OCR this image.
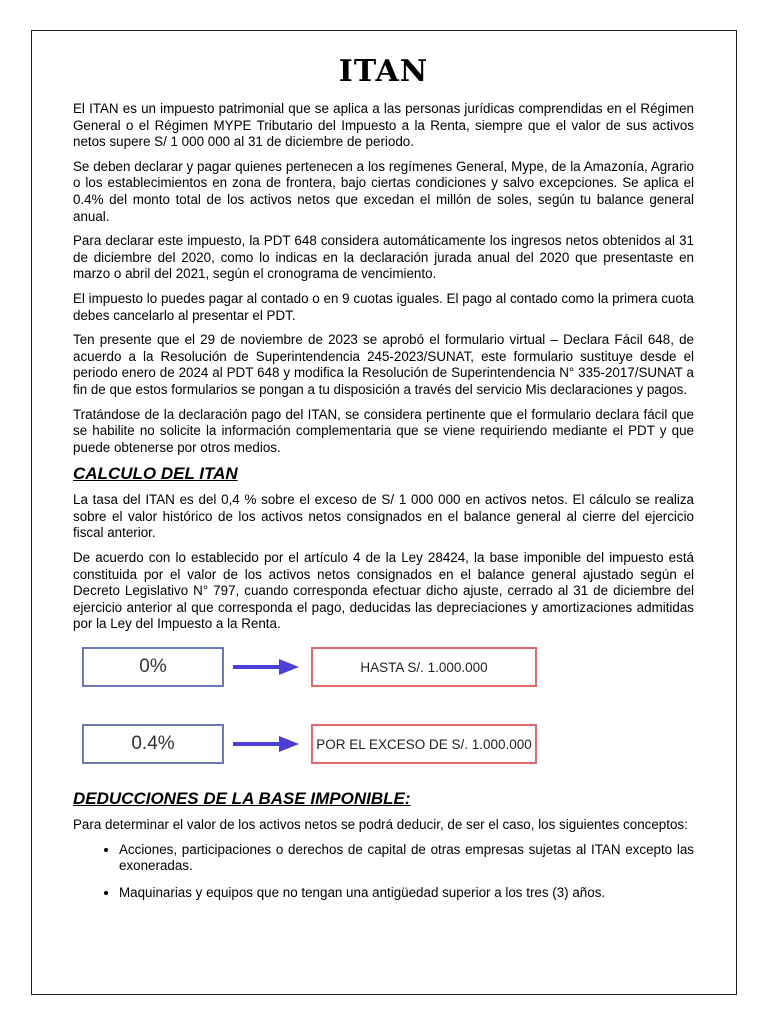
ITAN

El ITAN es un impuesto patrimonial que se aplica a las personas jurídicas comprendidas en el Régimen General o el Régimen MYPE Tributario del Impuesto a la Renta, siempre que el valor de sus activos netos supere S/ 1 000 000 al 31 de diciembre de periodo.

Se deben declarar y pagar quienes pertenecen a los regímenes General, Mype, de la Amazonía, Agrario o los establecimientos en zona de frontera, bajo ciertas condiciones y salvo excepciones. Se aplica el 0.4% del monto total de los activos netos que excedan el millón de soles, según tu balance general anual.

Para declarar este impuesto, la PDT 648 considera automáticamente los ingresos netos obtenidos al 31 de diciembre del 2020, como lo indicas en la declaración jurada anual del 2020 que presentaste en marzo o abril del 2021, según el cronograma de vencimiento.

El impuesto lo puedes pagar al contado o en 9 cuotas iguales. El pago al contado como la primera cuota debes cancelarlo al presentar el PDT.

Ten presente que el 29 de noviembre de 2023 se aprobó el formulario virtual – Declara Fácil 648, de acuerdo a la Resolución de Superintendencia 245-2023/SUNAT, este formulario sustituye desde el periodo enero de 2024 al PDT 648 y modifica la Resolución de Superintendencia N° 335-2017/SUNAT a fin de que estos formularios se pongan a tu disposición a través del servicio Mis declaraciones y pagos.

Tratándose de la declaración pago del ITAN, se considera pertinente que el formulario declara fácil que se habilite no solicite la información complementaria que se viene requiriendo mediante el PDT y que puede obtenerse por otros medios.

CALCULO DEL ITAN

La tasa del ITAN es del 0,4 % sobre el exceso de S/ 1 000 000 en activos netos. El cálculo se realiza sobre el valor histórico de los activos netos consignados en el balance general al cierre del ejercicio fiscal anterior.

De acuerdo con lo establecido por el artículo 4 de la Ley 28424, la base imponible del impuesto está constituida por el valor de los activos netos consignados en el balance general ajustado según el Decreto Legislativo N° 797, cuando corresponda efectuar dicho ajuste, cerrado al 31 de diciembre del ejercicio anterior al que corresponda el pago, deducidas las depreciaciones y amortizaciones admitidas por la Ley del Impuesto a la Renta.

0%	HASTA S/. 1.000.000
0.4%	POR EL EXCESO DE S/. 1.000.000
DEDUCCIONES DE LA BASE IMPONIBLE:

Para determinar el valor de los activos netos se podrá deducir, de ser el caso, los siguientes conceptos:

• Acciones, participaciones o derechos de capital de otras empresas sujetas al ITAN excepto las exoneradas.
• Maquinarias y equipos que no tengan una antigüedad superior a los tres (3) años.
